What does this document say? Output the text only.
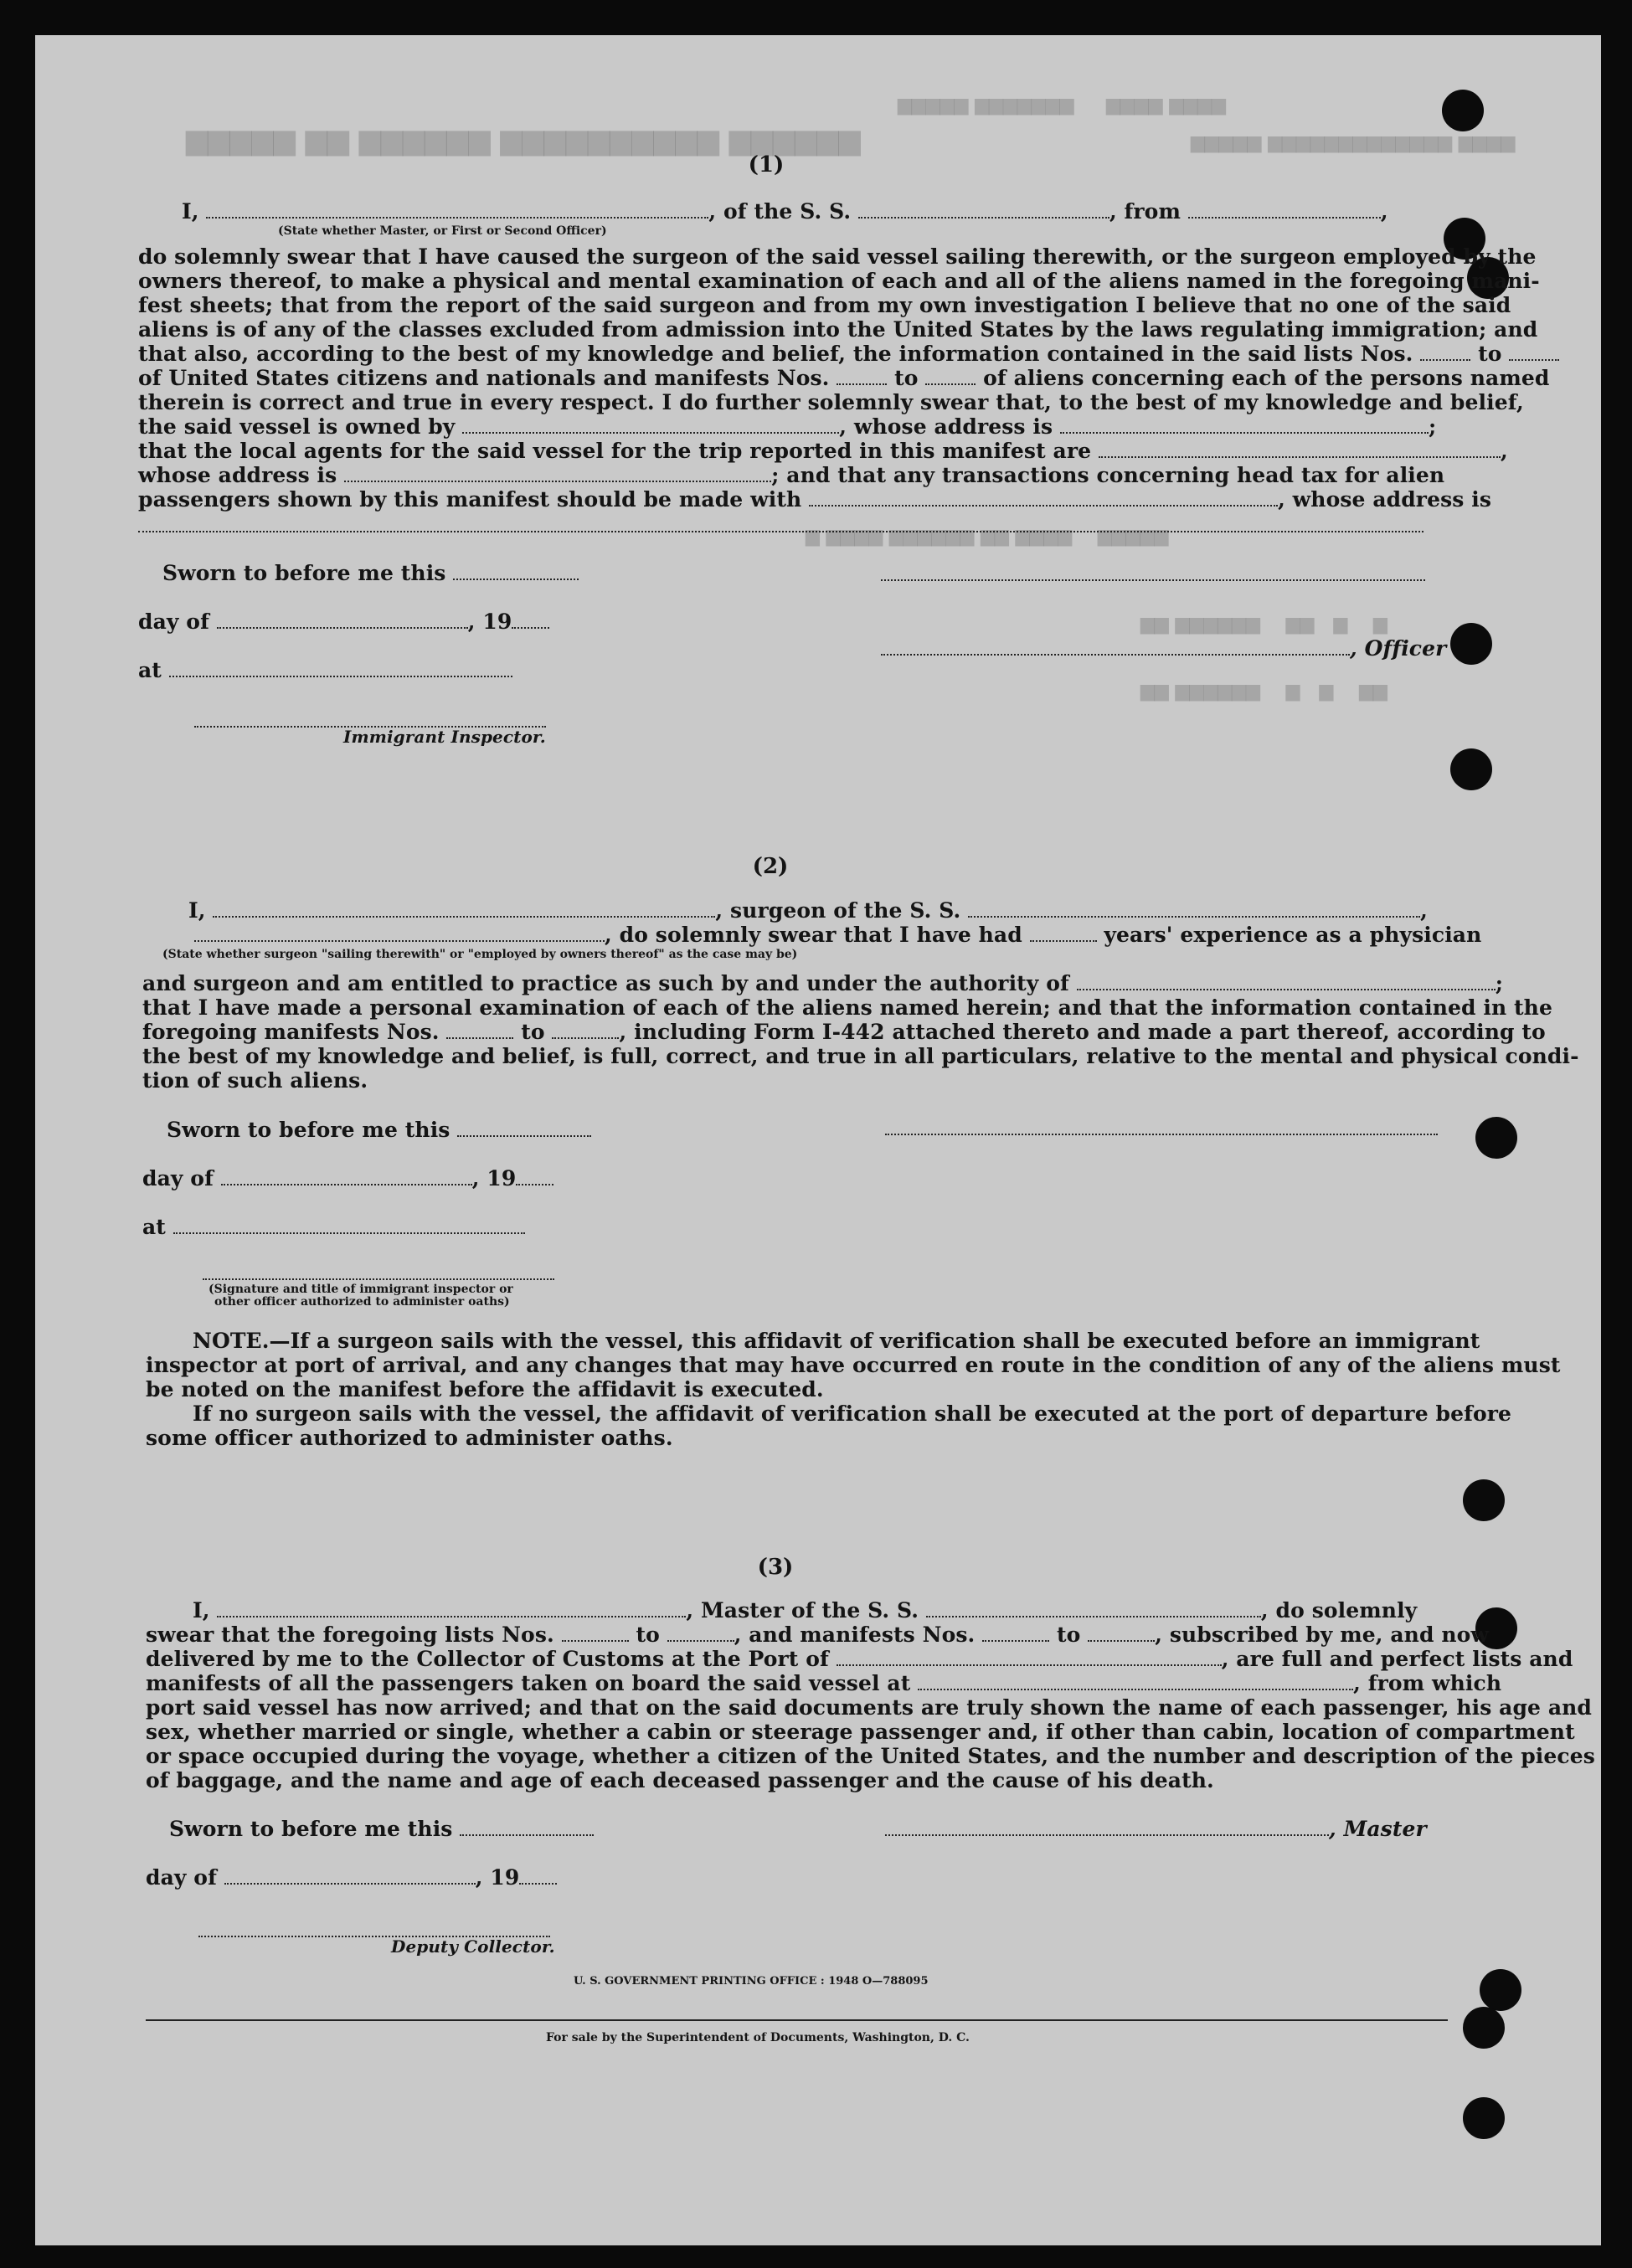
▆▆▆▆▆ ▆▆ ▆▆▆▆▆▆ ▆▆▆▆▆▆▆▆▆▆ ▆▆▆▆▆▆
▆▆▆▆▆ ▆▆▆▆▆▆▆     ▆▆▆▆ ▆▆▆▆
▆▆▆▆▆ ▆▆▆▆▆▆▆▆▆▆▆▆▆ ▆▆▆▆
▆ ▆▆▆▆ ▆▆▆▆▆▆ ▆▆ ▆▆▆▆    ▆▆▆▆▆
▆▆ ▆▆▆▆▆▆    ▆▆   ▆    ▆
▆▆ ▆▆▆▆▆▆    ▆   ▆    ▆▆
(1)
I,	, of the S. S.	, from	,
(State whether Master, or First or Second Officer)
do solemnly swear that I have caused the surgeon of the said vessel sailing therewith, or the surgeon employed by the
owners thereof, to make a physical and mental examination of each and all of the aliens named in the foregoing mani-
fest sheets; that from the report of the said surgeon and from my own investigation I believe that no one of the said
aliens is of any of the classes excluded from admission into the United States by the laws regulating immigration; and
that also, according to the best of my knowledge and belief, the information contained in the said lists Nos.	to
of United States citizens and nationals and manifests Nos.	to	of aliens concerning each of the persons named
therein is correct and true in every respect. I do further solemnly swear that, to the best of my knowledge and belief,
the said vessel is owned by	, whose address is	;
that the local agents for the said vessel for the trip reported in this manifest are	,
whose address is	; and that any transactions concerning head tax for alien
passengers shown by this manifest should be made with	, whose address is
Sworn to before me this
day of	, 19
, Officer
at
Immigrant Inspector.
(2)
I,	, surgeon of the S. S.	,
, do solemnly swear that I have had	years' experience as a physician
(State whether surgeon "sailing therewith" or "employed by owners thereof" as the case may be)
and surgeon and am entitled to practice as such by and under the authority of	;
that I have made a personal examination of each of the aliens named herein; and that the information contained in the
foregoing manifests Nos.	to	, including Form I-442 attached thereto and made a part thereof, according to
the best of my knowledge and belief, is full, correct, and true in all particulars, relative to the mental and physical condi-
tion of such aliens.
Sworn to before me this
day of	, 19
at
(Signature and title of immigrant inspector or
other officer authorized to administer oaths)
NOTE.—If a surgeon sails with the vessel, this affidavit of verification shall be executed before an immigrant
inspector at port of arrival, and any changes that may have occurred en route in the condition of any of the aliens must
be noted on the manifest before the affidavit is executed.
If no surgeon sails with the vessel, the affidavit of verification shall be executed at the port of departure before
some officer authorized to administer oaths.
(3)
I,	, Master of the S. S.	, do solemnly
swear that the foregoing lists Nos.	to	, and manifests Nos.	to	, subscribed by me, and now
delivered by me to the Collector of Customs at the Port of	, are full and perfect lists and
manifests of all the passengers taken on board the said vessel at	, from which
port said vessel has now arrived; and that on the said documents are truly shown the name of each passenger, his age and
sex, whether married or single, whether a cabin or steerage passenger and, if other than cabin, location of compartment
or space occupied during the voyage, whether a citizen of the United States, and the number and description of the pieces
of baggage, and the name and age of each deceased passenger and the cause of his death.
Sworn to before me this	, Master
day of	, 19
Deputy Collector.
U. S. GOVERNMENT PRINTING OFFICE : 1948 O—788095
For sale by the Superintendent of Documents, Washington, D. C.
